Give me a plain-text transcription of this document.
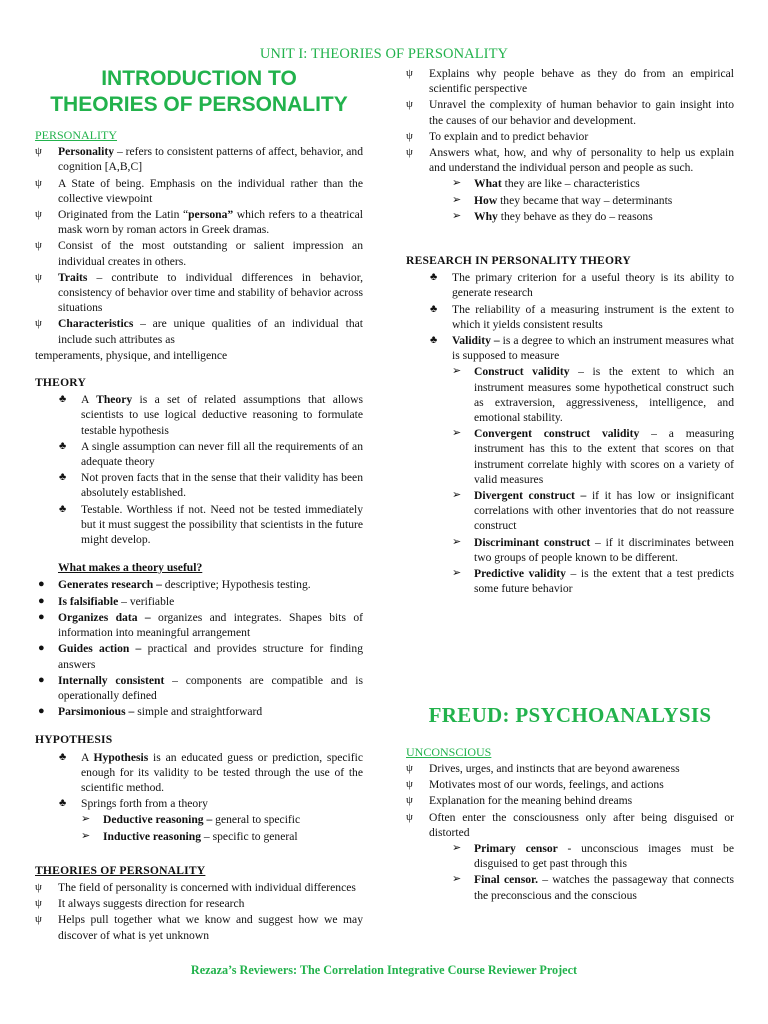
UNIT I: THEORIES OF PERSONALITY
INTRODUCTION TO
THEORIES OF PERSONALITY
PERSONALITY
ψ Personality – refers to consistent patterns of affect, behavior, and cognition [A,B,C]
ψ A State of being. Emphasis on the individual rather than the collective viewpoint
ψ Originated from the Latin “persona” which refers to a theatrical mask worn by roman actors in Greek dramas.
ψ Consist of the most outstanding or salient impression an individual creates in others.
ψ Traits – contribute to individual differences in behavior, consistency of behavior over time and stability of behavior across situations
ψ Characteristics – are unique qualities of an individual that include such attributes as

temperaments, physique, and intelligence

THEORY
♣ A Theory is a set of related assumptions that allows scientists to use logical deductive reasoning to formulate testable hypothesis
♣ A single assumption can never fill all the requirements of an adequate theory
♣ Not proven facts that in the sense that their validity has been absolutely established.
♣ Testable. Worthless if not. Need not be tested immediately but it must suggest the possibility that scientists in the future might develop.
What makes a theory useful?
● Generates research – descriptive; Hypothesis testing.
● Is falsifiable – verifiable
● Organizes data – organizes and integrates. Shapes bits of information into meaningful arrangement
● Guides action – practical and provides structure for finding answers
● Internally consistent – components are compatible and is operationally defined
● Parsimonious – simple and straightforward
HYPOTHESIS
♣ A Hypothesis is an educated guess or prediction, specific enough for its validity to be tested through the use of the scientific method.
♣ Springs forth from a theory
➢ Deductive reasoning – general to specific
➢ Inductive reasoning – specific to general
THEORIES OF PERSONALITY
ψ The field of personality is concerned with individual differences
ψ It always suggests direction for research
ψ Helps pull together what we know and suggest how we may discover of what is yet unknown
ψ Explains why people behave as they do from an empirical scientific perspective
ψ Unravel the complexity of human behavior to gain insight into the causes of our behavior and development.
ψ To explain and to predict behavior
ψ Answers what, how, and why of personality to help us explain and understand the individual person and people as such.
➢ What they are like – characteristics
➢ How they became that way – determinants
➢ Why they behave as they do – reasons
RESEARCH IN PERSONALITY THEORY
♣ The primary criterion for a useful theory is its ability to generate research
♣ The reliability of a measuring instrument is the extent to which it yields consistent results
♣ Validity – is a degree to which an instrument measures what is supposed to measure
➢ Construct validity – is the extent to which an instrument measures some hypothetical construct such as extraversion, aggressiveness, intelligence, and emotional stability.
➢ Convergent construct validity – a measuring instrument has this to the extent that scores on that instrument correlate highly with scores on a variety of valid measures
➢ Divergent construct – if it has low or insignificant correlations with other inventories that do not reassure construct
➢ Discriminant construct – if it discriminates between two groups of people known to be different.
➢ Predictive validity – is the extent that a test predicts some future behavior
FREUD: PSYCHOANALYSIS
UNCONSCIOUS
ψ Drives, urges, and instincts that are beyond awareness
ψ Motivates most of our words, feelings, and actions
ψ Explanation for the meaning behind dreams
ψ Often enter the consciousness only after being disguised or distorted
➢ Primary censor - unconscious images must be disguised to get past through this
➢ Final censor. – watches the passageway that connects the preconscious and the conscious
Rezaza’s Reviewers: The Correlation Integrative Course Reviewer Project
